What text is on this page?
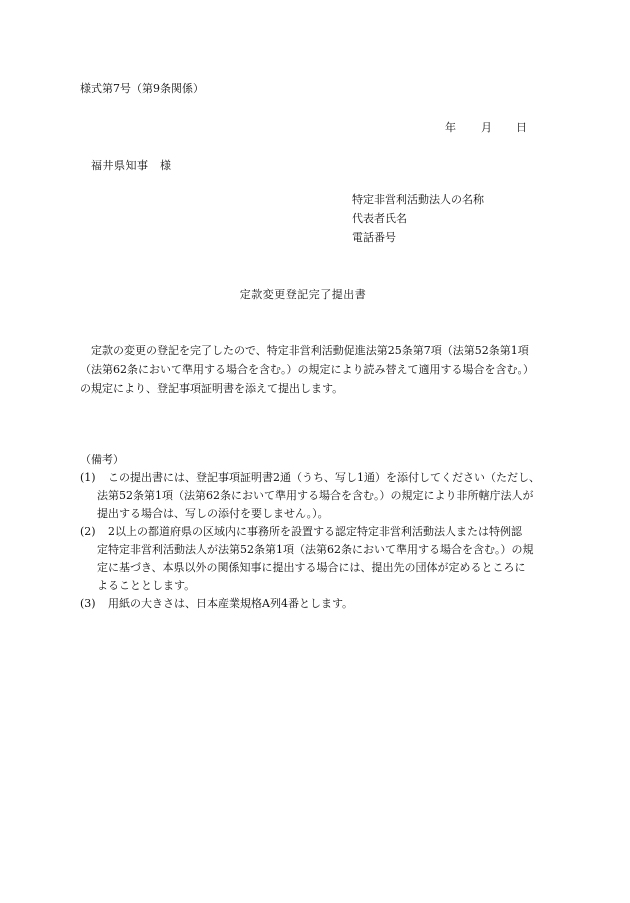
様式第7号（第9条関係）
年 月 日
福井県知事　様
特定非営利活動法人の名称
代表者氏名
電話番号
定款変更登記完了提出書
定款の変更の登記を完了したので、特定非営利活動促進法第25条第7項（法第52条第1項
（法第62条において準用する場合を含む。）の規定により読み替えて適用する場合を含む。）
の規定により、登記事項証明書を添えて提出します。
（備考）
(1)	この提出書には、登記事項証明書2通（うち、写し1通）を添付してください（ただし、
法第52条第1項（法第62条において準用する場合を含む。）の規定により非所轄庁法人が
提出する場合は、写しの添付を要しません。）。
(2)	2以上の都道府県の区域内に事務所を設置する認定特定非営利活動法人または特例認
定特定非営利活動法人が法第52条第1項（法第62条において準用する場合を含む。）の規
定に基づき、本県以外の関係知事に提出する場合には、提出先の団体が定めるところに
よることとします。
(3)	用紙の大きさは、日本産業規格A列4番とします。
